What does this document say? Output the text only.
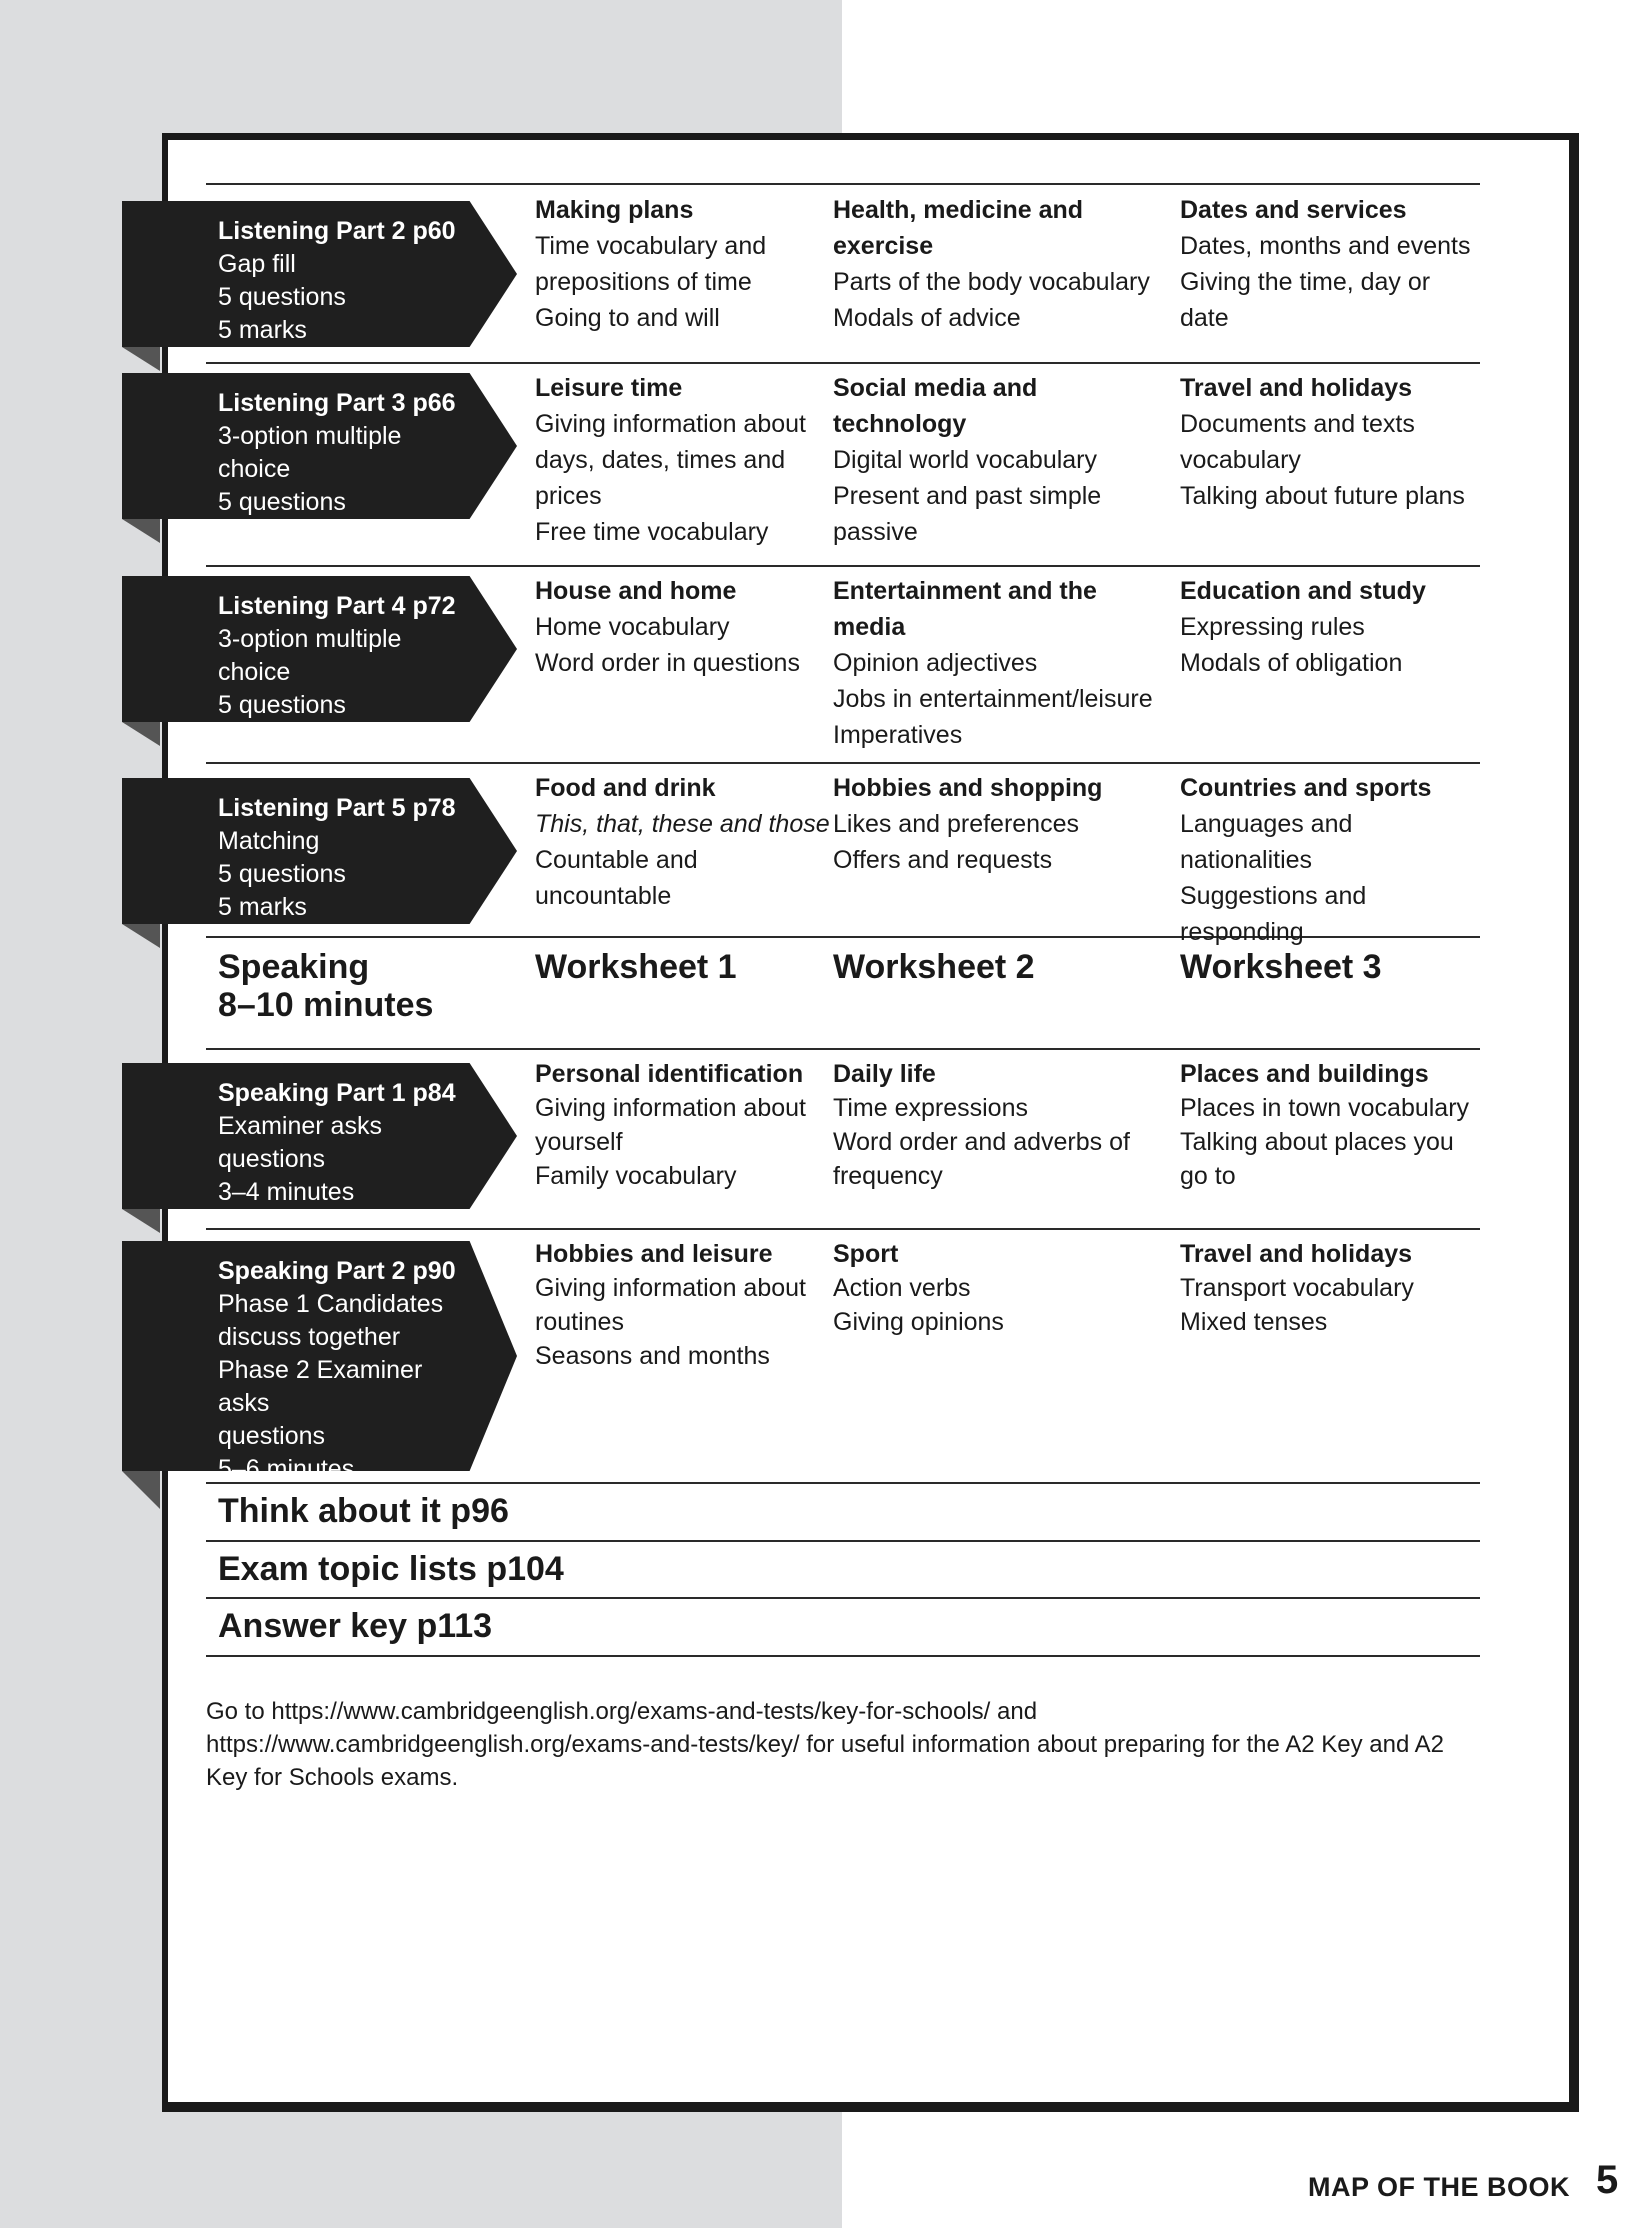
Listening Part 2 p60
Gap fill
5 questions
5 marks
Making plans
Time vocabulary and
prepositions of time
Going to and will
Health, medicine and
exercise
Parts of the body vocabulary
Modals of advice
Dates and services
Dates, months and events
Giving the time, day or date
Listening Part 3 p66
3-option multiple choice
5 questions
5 marks
Leisure time
Giving information about
days, dates, times and
prices
Free time vocabulary
Social media and
technology
Digital world vocabulary
Present and past simple
passive
Travel and holidays
Documents and texts
vocabulary
Talking about future plans
Listening Part 4 p72
3-option multiple choice
5 questions
5 marks
House and home
Home vocabulary
Word order in questions
Entertainment and the
media
Opinion adjectives
Jobs in entertainment/leisure
Imperatives
Education and study
Expressing rules
Modals of obligation
Listening Part 5 p78
Matching
5 questions
5 marks
Food and drink
This, that, these and those
Countable and
uncountable
Hobbies and shopping
Likes and preferences
Offers and requests
Countries and sports
Languages and nationalities
Suggestions and
responding
Speaking
8–10 minutes
Worksheet 1	Worksheet 2	Worksheet 3
Speaking Part 1 p84
Examiner asks questions
3–4 minutes
Personal identification
Giving information about
yourself
Family vocabulary
Daily life
Time expressions
Word order and adverbs of
frequency
Places and buildings
Places in town vocabulary
Talking about places you
go to
Speaking Part 2 p90
Phase 1 Candidates
discuss together
Phase 2 Examiner asks
questions
5–6 minutes
Hobbies and leisure
Giving information about
routines
Seasons and months
Sport
Action verbs
Giving opinions
Travel and holidays
Transport vocabulary
Mixed tenses
Think about it p96
Exam topic lists p104
Answer key p113
Go to https://www.cambridgeenglish.org/exams-and-tests/key-for-schools/ and https://www.cambridgeenglish.org/exams-and-tests/key/ for useful information about preparing for the A2 Key and A2 Key for Schools exams.
MAP OF THE BOOK 5
